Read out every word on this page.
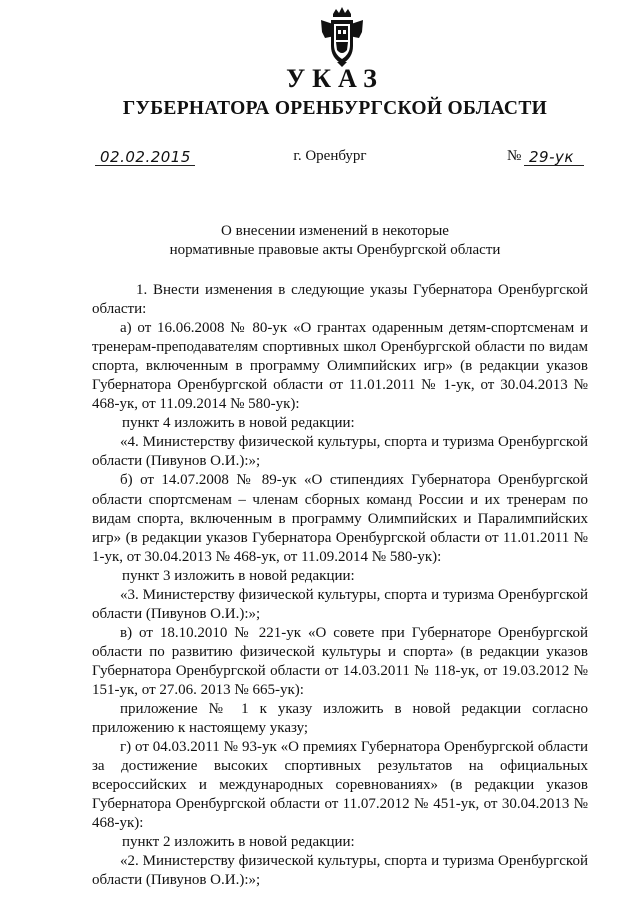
УКАЗ
ГУБЕРНАТОРА ОРЕНБУРГСКОЙ ОБЛАСТИ
02.02.2015	г. Оренбург	№ 29-ук
О внесении изменений в некоторые
нормативные правовые акты Оренбургской области

1. Внести изменения в следующие указы Губернатора Оренбургской области:

а) от 16.06.2008 № 80-ук «О грантах одаренным детям-спортсменам и тренерам-преподавателям спортивных школ Оренбургской области по видам спорта, включенным в программу Олимпийских игр» (в редакции указов Губернатора Оренбургской области от 11.01.2011 № 1-ук, от 30.04.2013 № 468-ук, от 11.09.2014 № 580-ук):

пункт 4 изложить в новой редакции:

«4. Министерству физической культуры, спорта и туризма Оренбургской области (Пивунов О.И.):»;

б) от 14.07.2008 № 89-ук «О стипендиях Губернатора Оренбургской области спортсменам – членам сборных команд России и их тренерам по видам спорта, включенным в программу Олимпийских и Паралимпийских игр» (в редакции указов Губернатора Оренбургской области от 11.01.2011 № 1-ук, от 30.04.2013 № 468-ук, от 11.09.2014 № 580-ук):

пункт 3 изложить в новой редакции:

«3. Министерству физической культуры, спорта и туризма Оренбургской области (Пивунов О.И.):»;

в) от 18.10.2010 № 221-ук «О совете при Губернаторе Оренбургской области по развитию физической культуры и спорта» (в редакции указов Губернатора Оренбургской области от 14.03.2011 № 118-ук, от 19.03.2012 № 151-ук, от 27.06. 2013 № 665-ук):

приложение № 1 к указу изложить в новой редакции согласно приложению к настоящему указу;

г) от 04.03.2011 № 93-ук «О премиях Губернатора Оренбургской области за достижение высоких спортивных результатов на официальных всероссийских и международных соревнованиях» (в редакции указов Губернатора Оренбургской области от 11.07.2012 № 451-ук, от 30.04.2013 № 468-ук):

пункт 2 изложить в новой редакции:

«2. Министерству физической культуры, спорта и туризма Оренбургской области (Пивунов О.И.):»;
